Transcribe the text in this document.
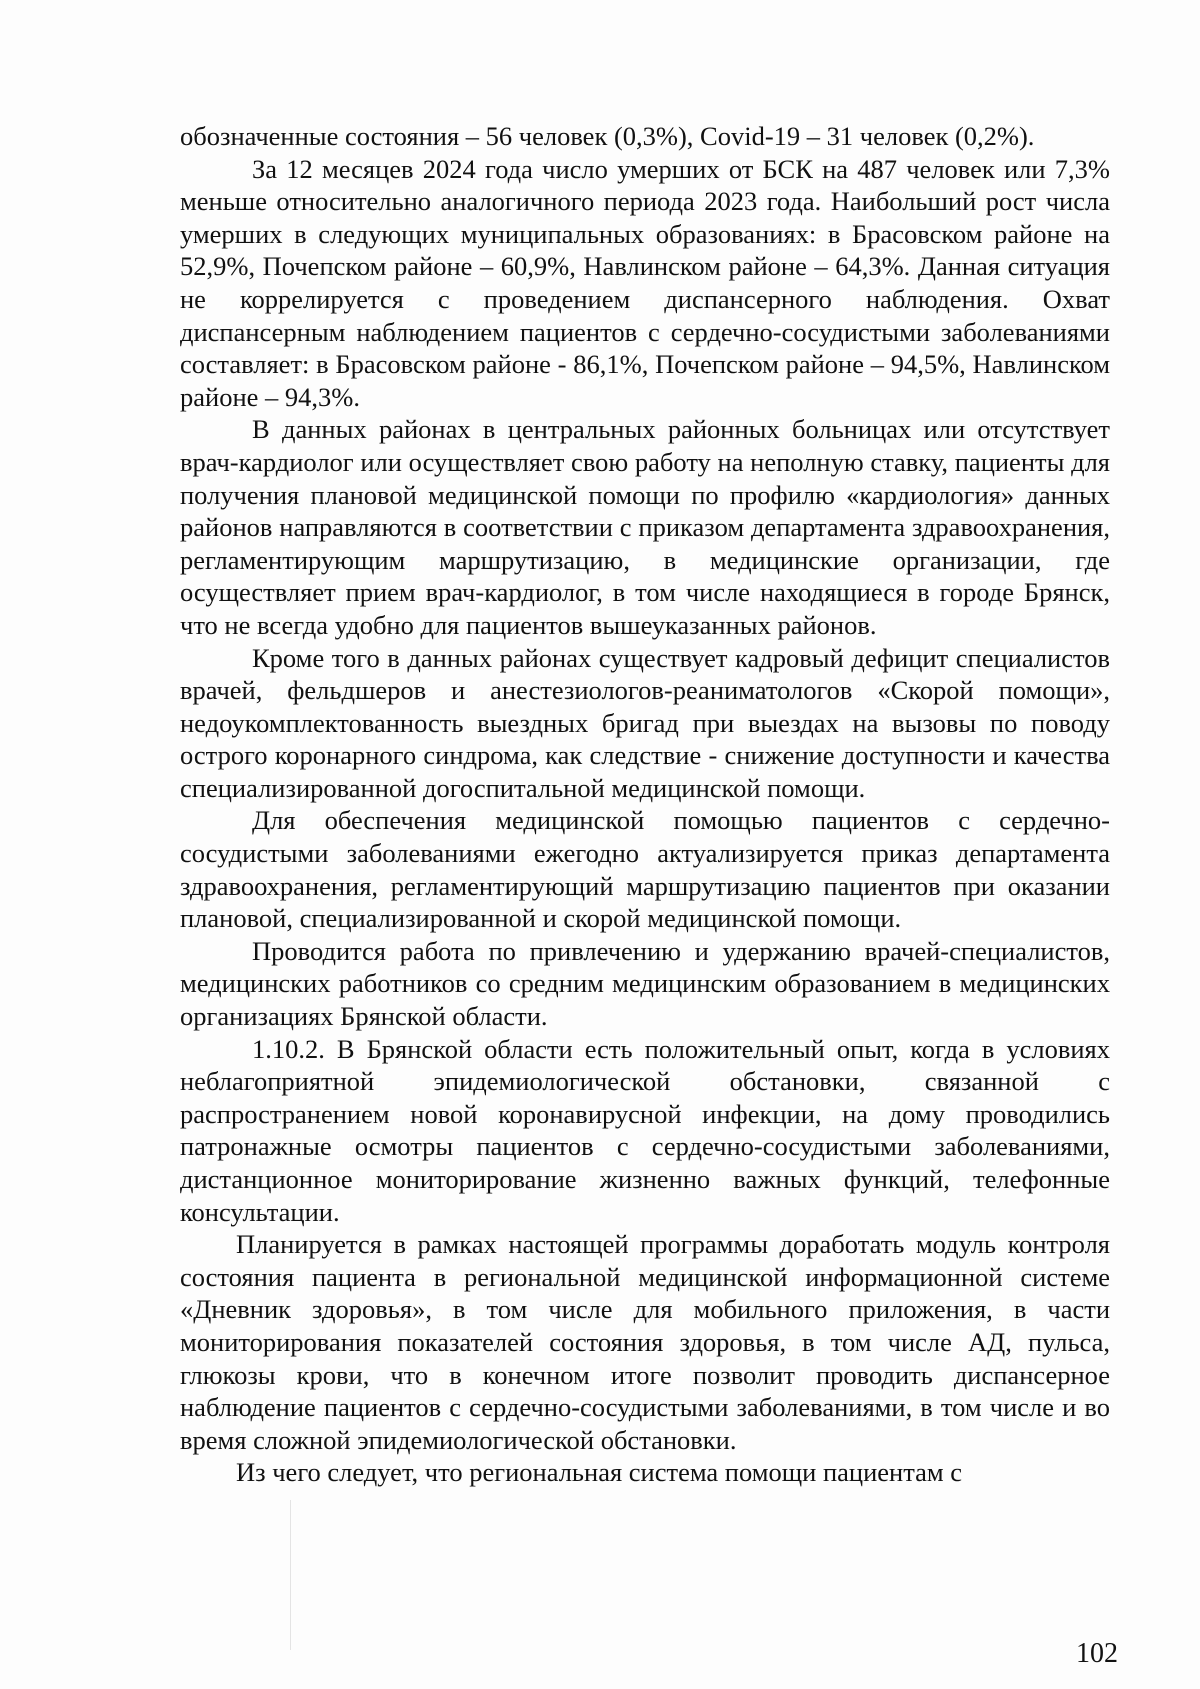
обозначенные состояния – 56 человек (0,3%), Covid-19 – 31 человек (0,2%).

За 12 месяцев 2024 года число умерших от БСК на 487 человек или 7,3% меньше относительно аналогичного периода 2023 года. Наибольший рост числа умерших в следующих муниципальных образованиях: в Брасовском районе на 52,9%, Почепском районе – 60,9%, Навлинском районе – 64,3%. Данная ситуация не коррелируется с проведением диспансерного наблюдения. Охват диспансерным наблюдением пациентов с сердечно-сосудистыми заболеваниями составляет: в Брасовском районе - 86,1%, Почепском районе – 94,5%, Навлинском районе – 94,3%.

В данных районах в центральных районных больницах или отсутствует врач-кардиолог или осуществляет свою работу на неполную ставку, пациенты для получения плановой медицинской помощи по профилю «кардиология» данных районов направляются в соответствии с приказом департамента здравоохранения, регламентирующим маршрутизацию, в медицинские организации, где осуществляет прием врач-кардиолог, в том числе находящиеся в городе Брянск, что не всегда удобно для пациентов вышеуказанных районов.

Кроме того в данных районах существует кадровый дефицит специалистов врачей, фельдшеров и анестезиологов-реаниматологов «Скорой помощи», недоукомплектованность выездных бригад при выездах на вызовы по поводу острого коронарного синдрома, как следствие - снижение доступности и качества специализированной догоспитальной медицинской помощи.

Для обеспечения медицинской помощью пациентов с сердечно-сосудистыми заболеваниями ежегодно актуализируется приказ департамента здравоохранения, регламентирующий маршрутизацию пациентов при оказании плановой, специализированной и скорой медицинской помощи.

Проводится работа по привлечению и удержанию врачей-специалистов, медицинских работников со средним медицинским образованием в медицинских организациях Брянской области.

1.10.2. В Брянской области есть положительный опыт, когда в условиях неблагоприятной эпидемиологической обстановки, связанной с распространением новой коронавирусной инфекции, на дому проводились патронажные осмотры пациентов с сердечно-сосудистыми заболеваниями, дистанционное мониторирование жизненно важных функций, телефонные консультации.

Планируется в рамках настоящей программы доработать модуль контроля состояния пациента в региональной медицинской информационной системе «Дневник здоровья», в том числе для мобильного приложения, в части мониторирования показателей состояния здоровья, в том числе АД, пульса, глюкозы крови, что в конечном итоге позволит проводить диспансерное наблюдение пациентов с сердечно-сосудистыми заболеваниями, в том числе и во время сложной эпидемиологической обстановки.

Из чего следует, что региональная система помощи пациентам с

102
